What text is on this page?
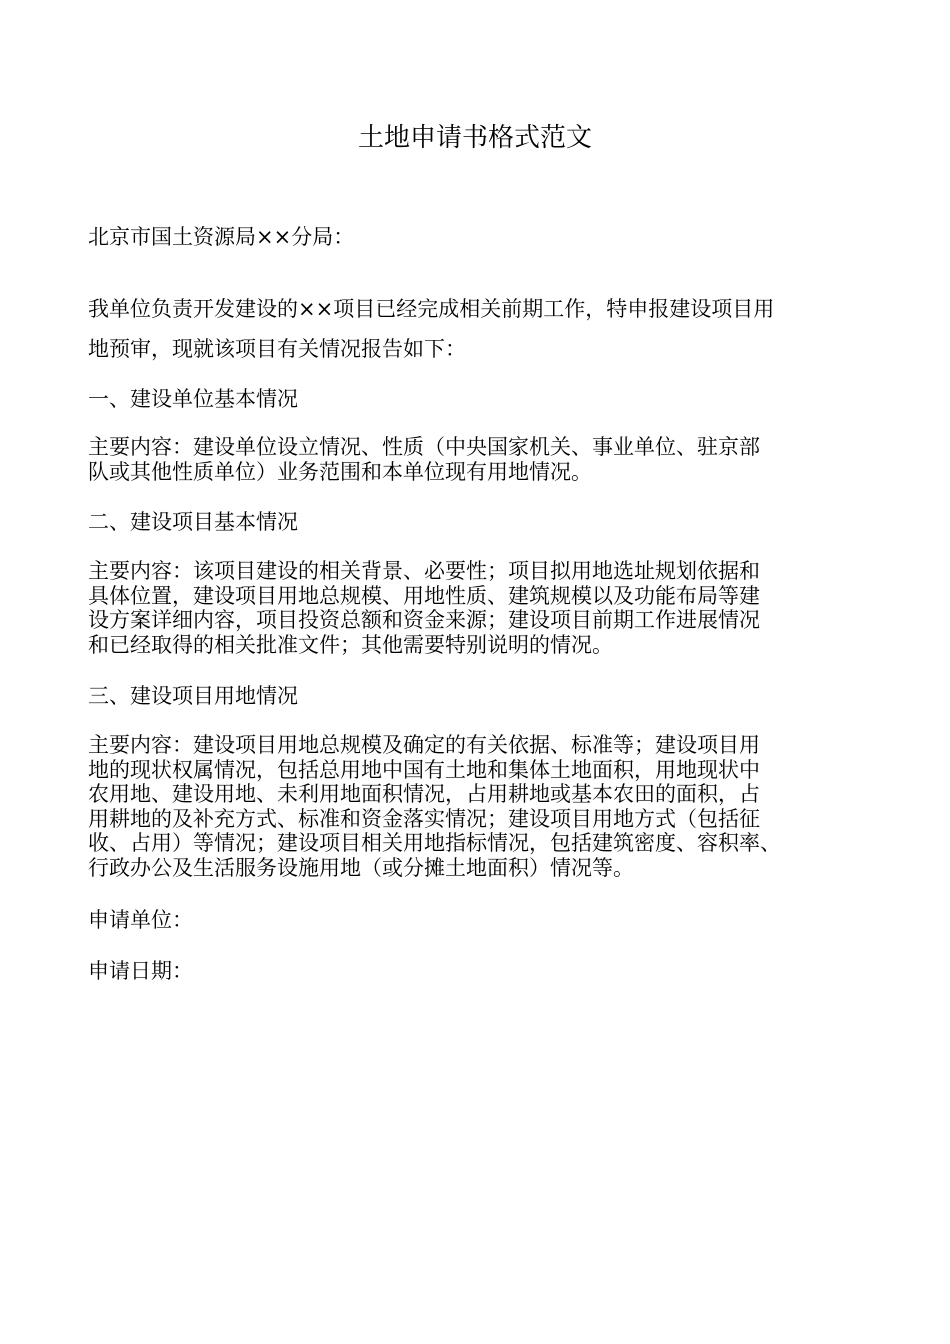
土地申请书格式范文

北京市国土资源局××分局：

我单位负责开发建设的××项目已经完成相关前期工作，特申报建设项目用

地预审，现就该项目有关情况报告如下：

一、建设单位基本情况

主要内容：建设单位设立情况、性质（中央国家机关、事业单位、驻京部
队或其他性质单位）业务范围和本单位现有用地情况。

二、建设项目基本情况

主要内容：该项目建设的相关背景、必要性；项目拟用地选址规划依据和
具体位置，建设项目用地总规模、用地性质、建筑规模以及功能布局等建
设方案详细内容，项目投资总额和资金来源；建设项目前期工作进展情况
和已经取得的相关批准文件；其他需要特别说明的情况。

三、建设项目用地情况

主要内容：建设项目用地总规模及确定的有关依据、标准等；建设项目用
地的现状权属情况，包括总用地中国有土地和集体土地面积，用地现状中
农用地、建设用地、未利用地面积情况，占用耕地或基本农田的面积，占
用耕地的及补充方式、标准和资金落实情况；建设项目用地方式（包括征
收、占用）等情况；建设项目相关用地指标情况，包括建筑密度、容积率、
行政办公及生活服务设施用地（或分摊土地面积）情况等。

申请单位：

申请日期：
